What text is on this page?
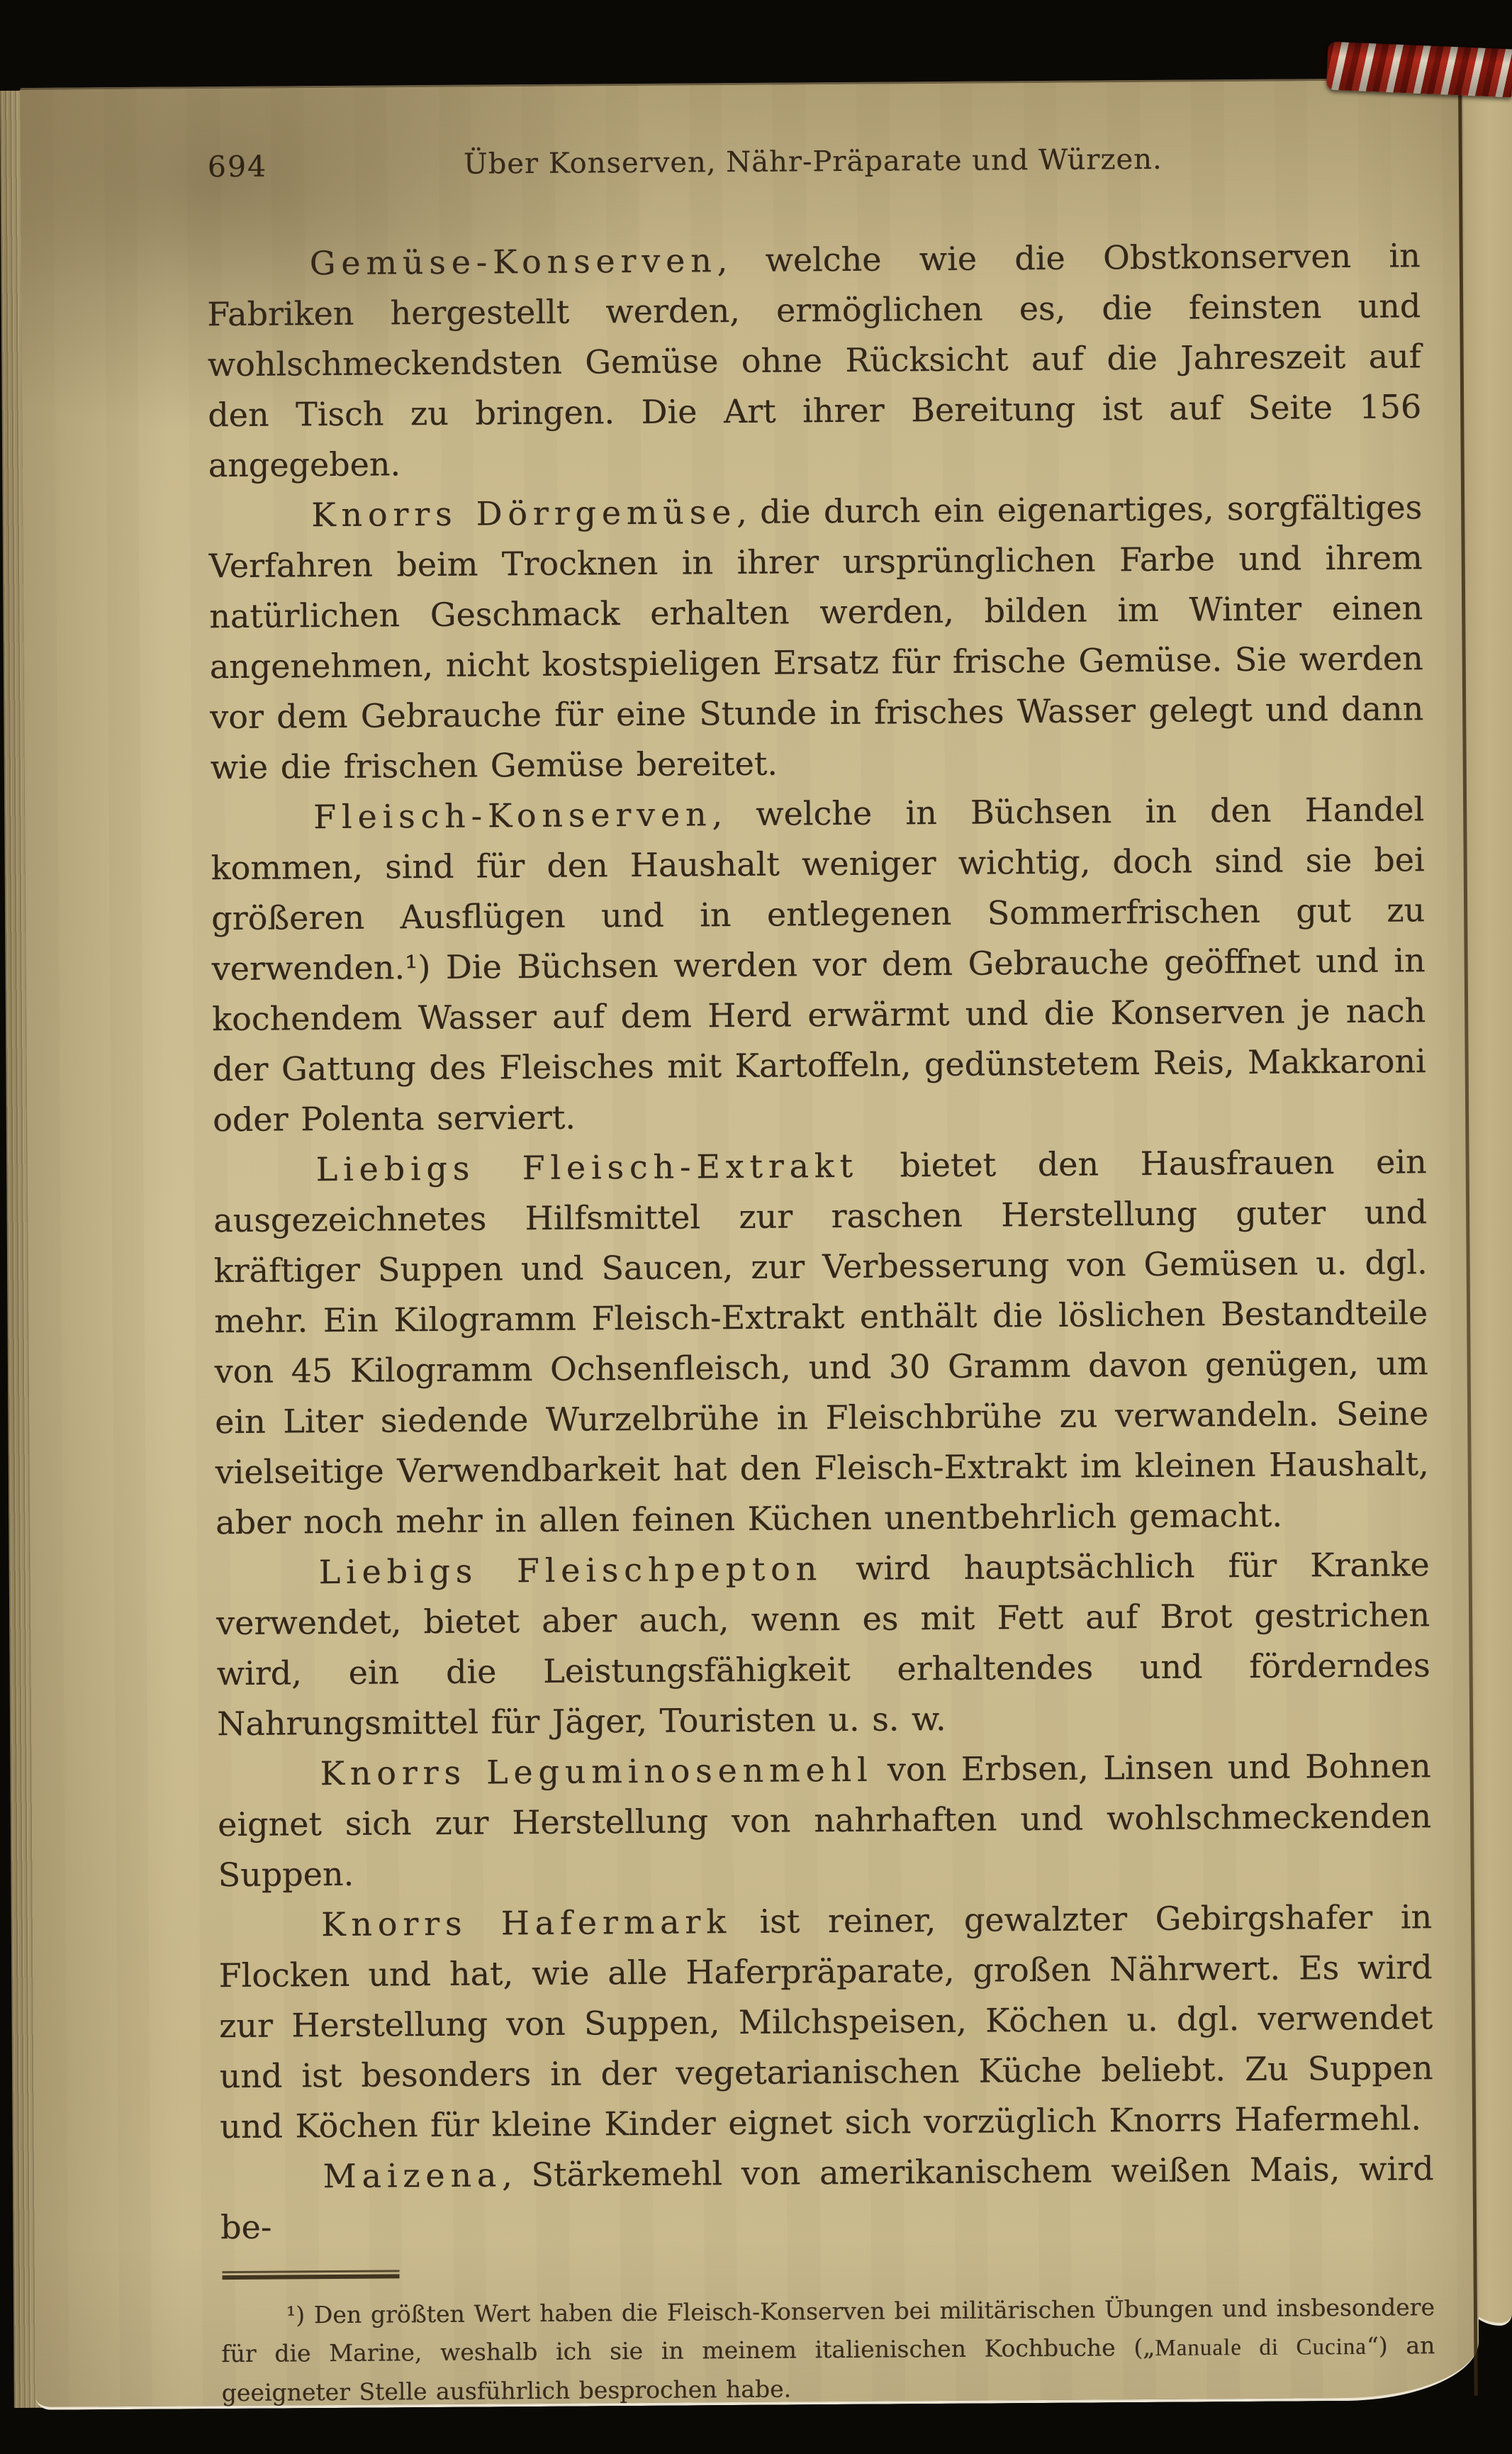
694	Über Konserven, Nähr-Präparate und Würzen.

Gemüse-Konserven, welche wie die Obstkonserven in Fabriken hergestellt werden, ermöglichen es, die feinsten und wohlschmeckendsten Gemüse ohne Rücksicht auf die Jahreszeit auf den Tisch zu bringen. Die Art ihrer Bereitung ist auf Seite 156 angegeben.

Knorrs Dörrgemüse, die durch ein eigenartiges, sorgfältiges Verfahren beim Trocknen in ihrer ursprünglichen Farbe und ihrem natürlichen Geschmack erhalten werden, bilden im Winter einen angenehmen, nicht kostspieligen Ersatz für frische Gemüse. Sie werden vor dem Gebrauche für eine Stunde in frisches Wasser gelegt und dann wie die frischen Gemüse bereitet.

Fleisch-Konserven, welche in Büchsen in den Handel kommen, sind für den Haushalt weniger wichtig, doch sind sie bei größeren Ausflügen und in entlegenen Sommerfrischen gut zu verwenden.¹) Die Büchsen werden vor dem Gebrauche geöffnet und in kochendem Wasser auf dem Herd erwärmt und die Konserven je nach der Gattung des Fleisches mit Kartoffeln, gedünstetem Reis, Makkaroni oder Polenta serviert.

Liebigs Fleisch-Extrakt bietet den Hausfrauen ein ausgezeichnetes Hilfsmittel zur raschen Herstellung guter und kräftiger Suppen und Saucen, zur Verbesserung von Gemüsen u. dgl. mehr. Ein Kilogramm Fleisch-Extrakt enthält die löslichen Bestandteile von 45 Kilogramm Ochsenfleisch, und 30 Gramm davon genügen, um ein Liter siedende Wurzelbrühe in Fleischbrühe zu verwandeln. Seine vielseitige Verwendbarkeit hat den Fleisch-Extrakt im kleinen Haushalt, aber noch mehr in allen feinen Küchen unentbehrlich gemacht.

Liebigs Fleischpepton wird hauptsächlich für Kranke verwendet, bietet aber auch, wenn es mit Fett auf Brot gestrichen wird, ein die Leistungsfähigkeit erhaltendes und förderndes Nahrungsmittel für Jäger, Touristen u. s. w.

Knorrs Leguminosenmehl von Erbsen, Linsen und Bohnen eignet sich zur Herstellung von nahrhaften und wohlschmeckenden Suppen.

Knorrs Hafermark ist reiner, gewalzter Gebirgshafer in Flocken und hat, wie alle Haferpräparate, großen Nährwert. Es wird zur Herstellung von Suppen, Milchspeisen, Köchen u. dgl. verwendet und ist besonders in der vegetarianischen Küche beliebt. Zu Suppen und Köchen für kleine Kinder eignet sich vorzüglich Knorrs Hafermehl.

Maizena, Stärkemehl von amerikanischem weißen Mais, wird be-

¹) Den größten Wert haben die Fleisch-Konserven bei militärischen Übungen und insbesondere für die Marine, weshalb ich sie in meinem italienischen Kochbuche („Manuale di Cucina“) an geeigneter Stelle ausführlich besprochen habe.
